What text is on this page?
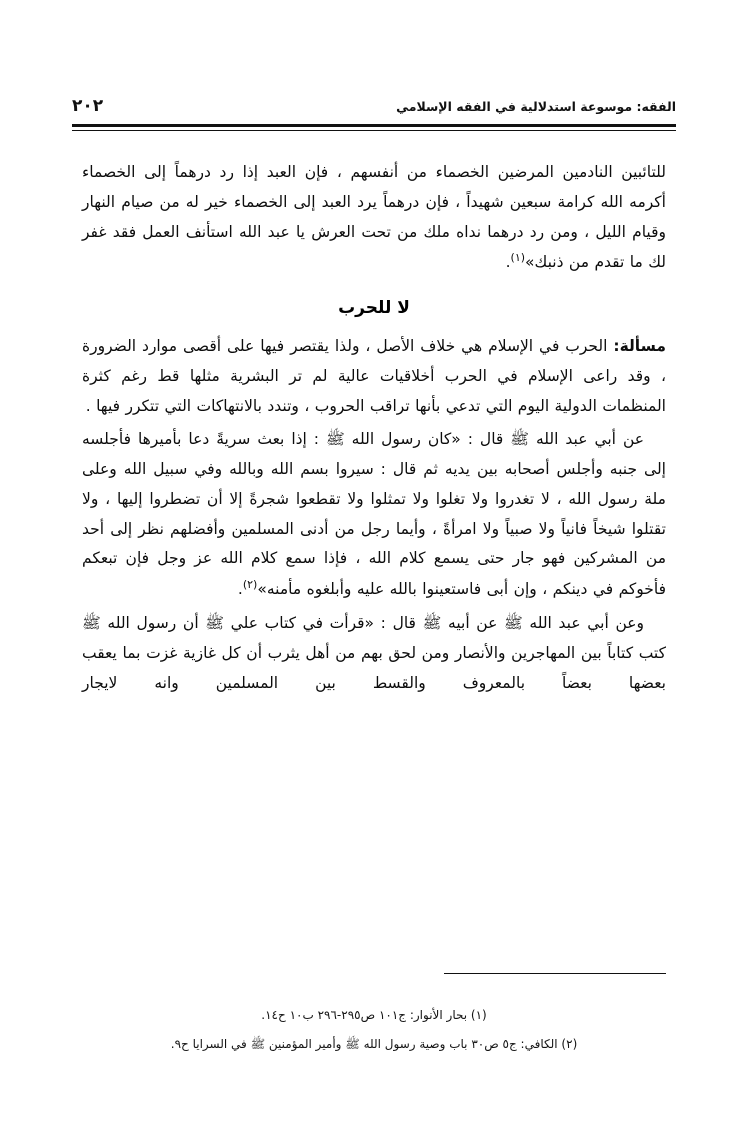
٢٠٢	الفقه: موسوعة استدلالية في الفقه الإسلامي

للتائبين النادمين المرضين الخصماء من أنفسهم ، فإن العبد إذا رد درهماً إلى الخصماء أكرمه الله كرامة سبعين شهيداً ، فإن درهماً يرد العبد إلى الخصماء خير له من صيام النهار وقيام الليل ، ومن رد درهما نداه ملك من تحت العرش يا عبد الله استأنف العمل فقد غفر لك ما تقدم من ذنبك»$^{(١)}$.

لا للحرب

مسألة: الحرب في الإسلام هي خلاف الأصل ، ولذا يقتصر فيها على أقصى موارد الضرورة ، وقد راعى الإسلام في الحرب أخلاقيات عالية لم تر البشرية مثلها قط رغم كثرة المنظمات الدولية اليوم التي تدعي بأنها تراقب الحروب ، وتندد بالانتهاكات التي تتكرر فيها .

عن أبي عبد الله ﷺ قال : «كان رسول الله ﷺ : إذا بعث سريةً دعا بأميرها فأجلسه إلى جنبه وأجلس أصحابه بين يديه ثم قال : سيروا بسم الله وبالله وفي سبيل الله وعلى ملة رسول الله ، لا تغدروا ولا تغلوا ولا تمثلوا ولا تقطعوا شجرةً إلا أن تضطروا إليها ، ولا تقتلوا شيخاً فانياً ولا صبياً ولا امرأةً ، وأيما رجل من أدنى المسلمين وأفضلهم نظر إلى أحد من المشركين فهو جار حتى يسمع كلام الله ، فإذا سمع كلام الله عز وجل فإن تبعكم فأخوكم في دينكم ، وإن أبى فاستعينوا بالله عليه وأبلغوه مأمنه»$^{(٢)}$.

وعن أبي عبد الله ﷺ عن أبيه ﷺ قال : «قرأت في كتاب علي ﷺ أن رسول الله ﷺ كتب كتاباً بين المهاجرين والأنصار ومن لحق بهم من أهل يثرب أن كل غازية غزت بما يعقب بعضها بعضاً بالمعروف والقسط بين المسلمين وانه لايجار

(١) بحار الأنوار: ج١٠١ ص٢٩٥-٢٩٦ ب١٠ ح١٤.

(٢) الكافي: ج٥ ص٣٠ باب وصية رسول الله ﷺ وأمير المؤمنين ﷺ في السرايا ح٩.
